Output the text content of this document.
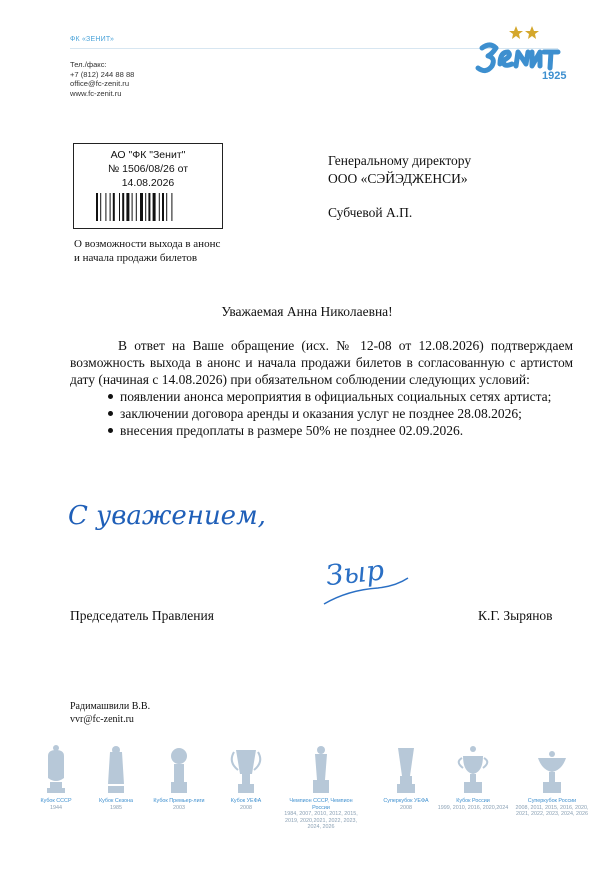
ФК «ЗЕНИТ»
Тел./факс:
+7 (812) 244 88 88
office@fc-zenit.ru
www.fc-zenit.ru
1925
АО "ФК "Зенит"
№ 1506/08/26 от
14.08.2026
О возможности выхода в анонс
и начала продажи билетов
Генеральному директору
ООО «СЭЙЭДЖЕНСИ»
Субчевой А.П.
Уважаемая Анна Николаевна!

В ответ на Ваше обращение (исх. № 12-08 от 12.08.2026) подтверждаем возможность выхода в анонс и начала продажи билетов в согласованную с артистом дату (начиная с 14.08.2026) при обязательном соблюдении следующих условий:

появлении анонса мероприятия в официальных социальных сетях артиста;
заключении договора аренды и оказания услуг не позднее 28.08.2026;
внесения предоплаты в размере 50% не позднее 02.09.2026.
С уважением,
Зыр
Председатель Правления	К.Г. Зырянов
Радимашвили В.В.
vvr@fc-zenit.ru
Кубок СССР
1944
Кубок Сезона
1985
Кубок Премьер-лиги
2003
Кубок УЕФА
2008
Чемпион СССР, Чемпион России
1984, 2007, 2010, 2012, 2015, 2019, 2020,2021, 2022, 2023, 2024, 2026
Суперкубок УЕФА
2008
Кубок России
1999, 2010, 2016, 2020,2024
Суперкубок России
2008, 2011, 2015, 2016, 2020, 2021, 2022, 2023, 2024, 2026
